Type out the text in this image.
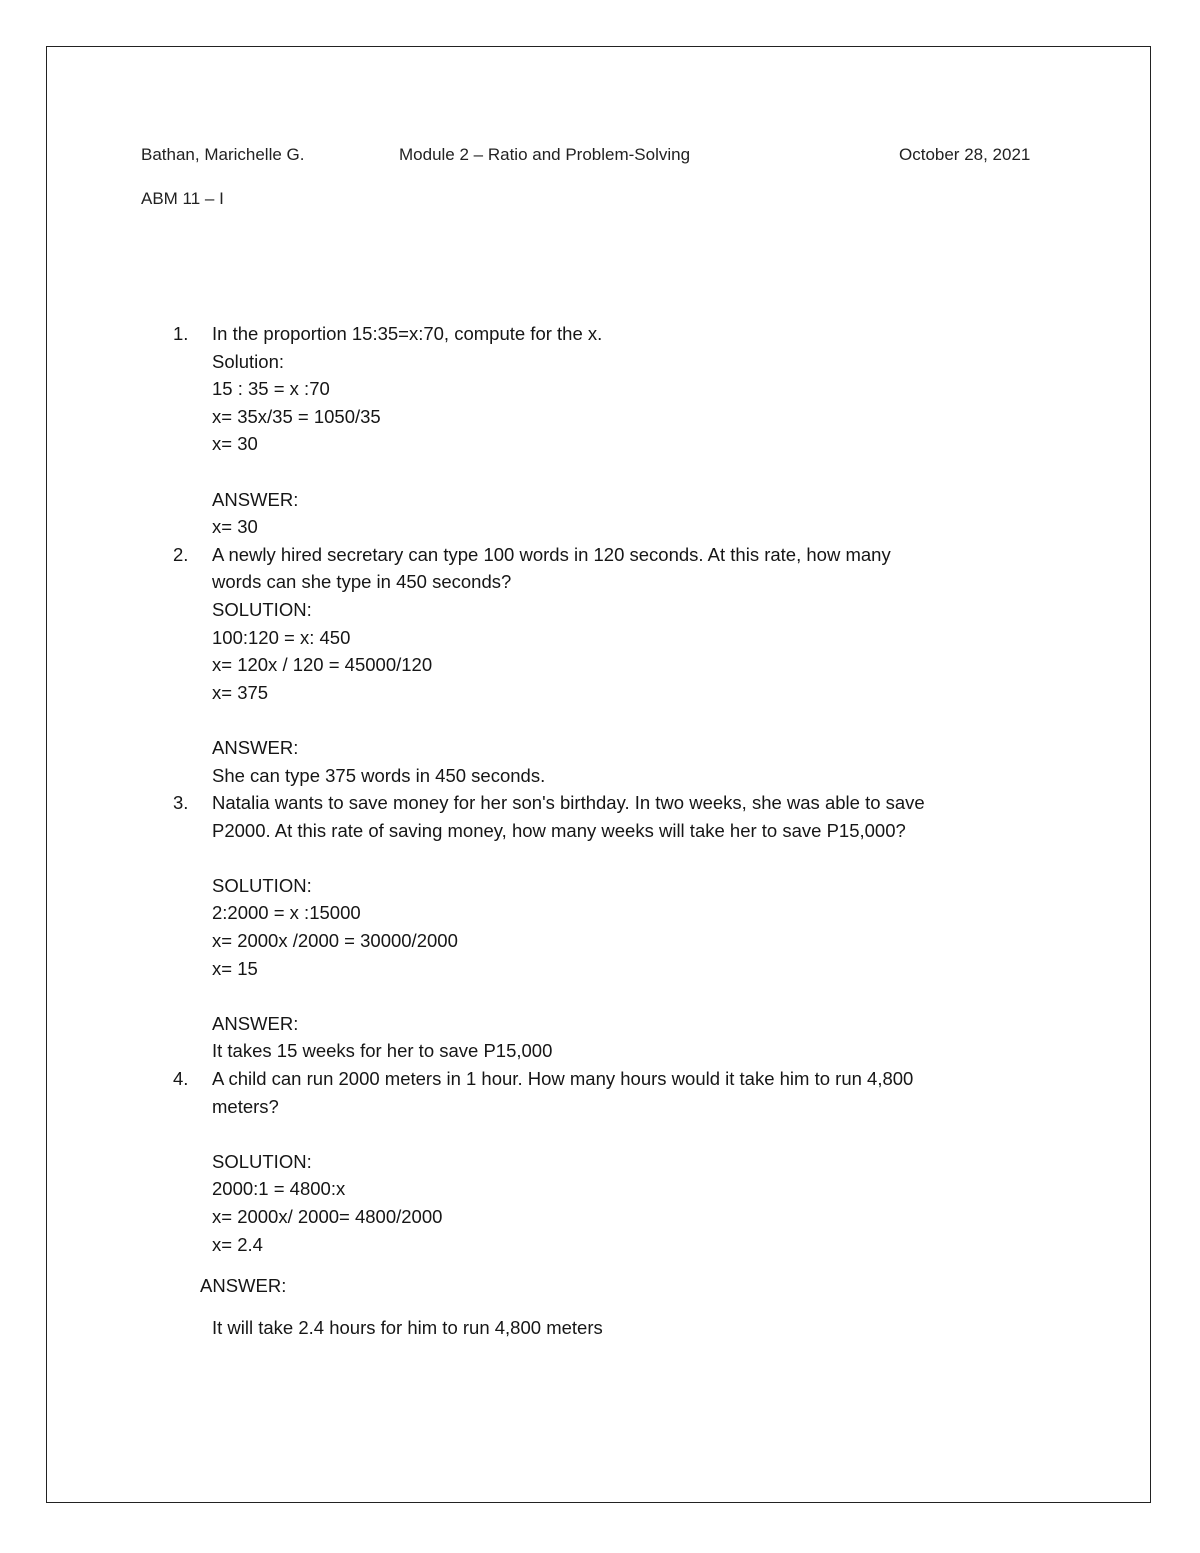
Bathan, Marichelle G.	Module 2 – Ratio and Problem-Solving	October 28, 2021
ABM 11 – I
1. In the proportion 15:35=x:70, compute for the x.
Solution:
15 : 35 = x :70
x= 35x/35 = 1050/35
x= 30
ANSWER:
x= 30
2. A newly hired secretary can type 100 words in 120 seconds. At this rate, how many
words can she type in 450 seconds?
SOLUTION:
100:120 = x: 450
x= 120x / 120 = 45000/120
x= 375
ANSWER:
She can type 375 words in 450 seconds.
3. Natalia wants to save money for her son's birthday. In two weeks, she was able to save
P2000. At this rate of saving money, how many weeks will take her to save P15,000?
SOLUTION:
2:2000 = x :15000
x= 2000x /2000 = 30000/2000
x= 15
ANSWER:
It takes 15 weeks for her to save P15,000
4. A child can run 2000 meters in 1 hour. How many hours would it take him to run 4,800
meters?
SOLUTION:
2000:1 = 4800:x
x= 2000x/ 2000= 4800/2000
x= 2.4
ANSWER:
It will take 2.4 hours for him to run 4,800 meters
